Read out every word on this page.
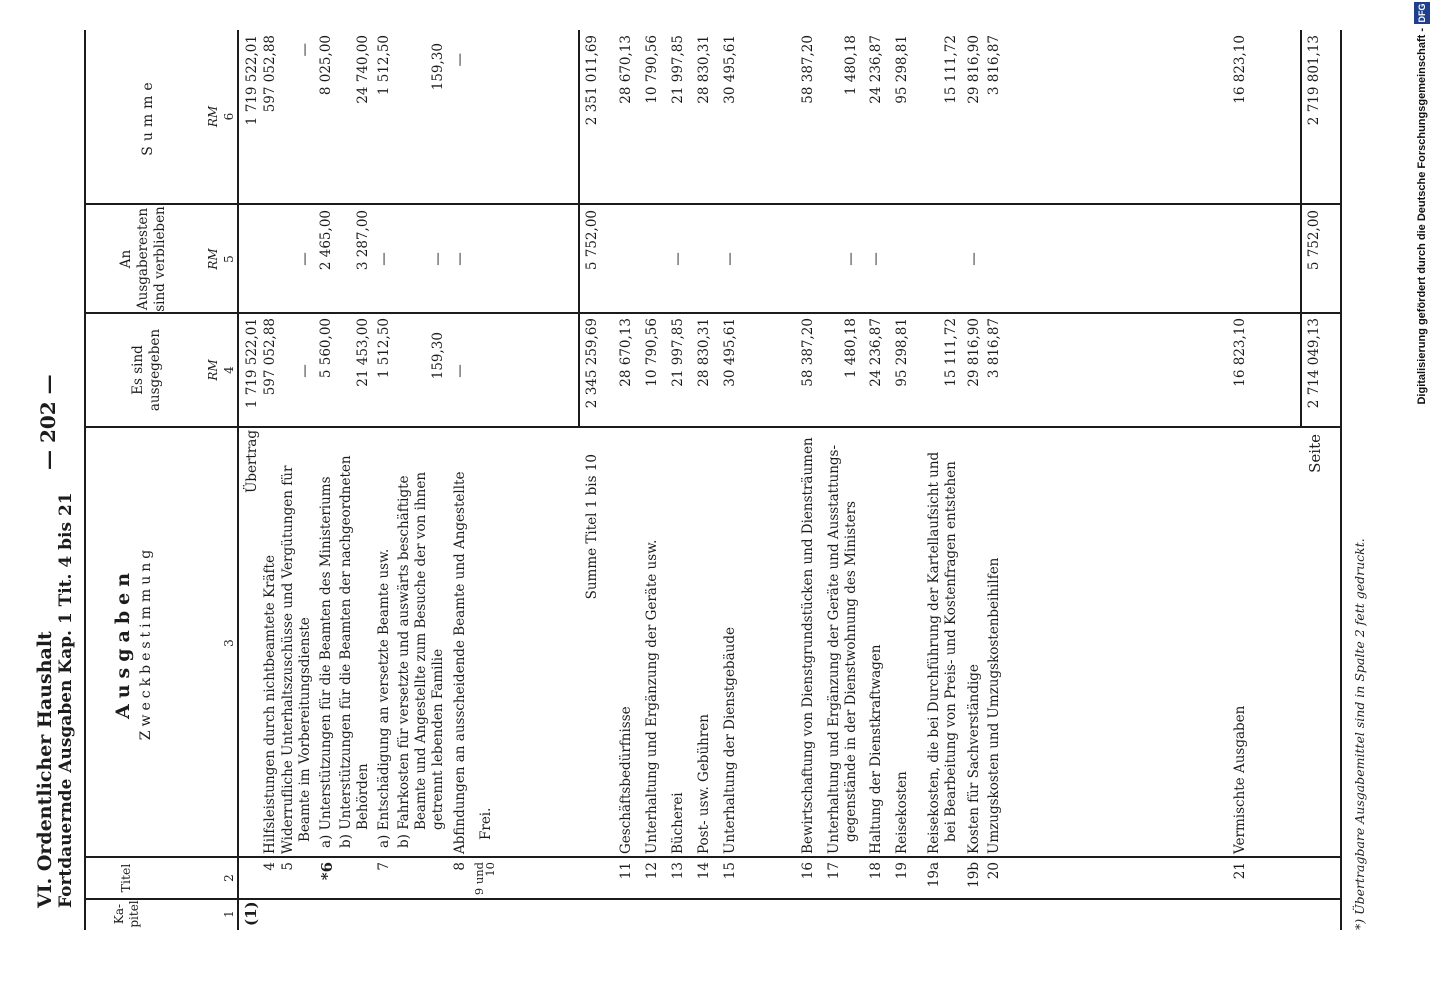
VI. Ordentlicher Haushalt Fortdauernde Ausgaben Kap. 1 Tit. 4 bis 21
— 202 —
Ka- pitel
Titel
Ausgaben Zweckbestimmung
Es sind ausgegeben
An Ausgaberesten sind verblieben
Summe
RM
RM
RM
1
2
3
4
5
6
(1)
Übertrag
1 719 522,01
1 719 522,01
4
Hilfsleistungen durch nichtbeamtete Kräfte
597 052,88
597 052,88
5
Widerrufliche Unterhaltszuschüsse und Vergütungen für Beamte im Vorbereitungsdienste
—
—
—
*6
a) Unterstützungen für die Beamten des Ministeriums
5 560,00
2 465,00
8 025,00
b) Unterstützungen für die Beamten der nachgeordneten Behörden
21 453,00
3 287,00
24 740,00
7
a) Entschädigung an versetzte Beamte usw.
1 512,50
—
1 512,50
b) Fahrkosten für versetzte und auswärts beschäftigte Beamte und Angestellte zum Besuche der von ihnen getrennt lebenden Familie
159,30
—
159,30
8
Abfindungen an ausscheidende Beamte und Angestellte
—
—
—
9 und 10
Frei.
Summe Titel 1 bis 10
2 345 259,69
5 752,00
2 351 011,69
11
Geschäftsbedürfnisse
28 670,13
28 670,13
12
Unterhaltung und Ergänzung der Geräte usw.
10 790,56
10 790,56
13
Bücherei
21 997,85
—
21 997,85
14
Post- usw. Gebühren
28 830,31
28 830,31
15
Unterhaltung der Dienstgebäude
30 495,61
—
30 495,61
16
Bewirtschaftung von Dienstgrundstücken und Diensträumen
58 387,20
58 387,20
17
Unterhaltung und Ergänzung der Geräte und Ausstattungs- gegenstände in der Dienstwohnung des Ministers
1 480,18
—
1 480,18
18
Haltung der Dienstkraftwagen
24 236,87
—
24 236,87
19
Reisekosten
95 298,81
95 298,81
19a
Reisekosten, die bei Durchführung der Kartellaufsicht und bei Bearbeitung von Preis- und Kostenfragen entstehen
15 111,72
15 111,72
19b
Kosten für Sachverständige
29 816,90
—
29 816,90
20
Umzugskosten und Umzugskostenbeihilfen
3 816,87
3 816,87
21
Vermischte Ausgaben
16 823,10
16 823,10
Seite
2 714 049,13
5 752,00
2 719 801,13
*) Übertragbare Ausgabemittel sind in Spalte 2 fett gedruckt.
Digitalisierung gefördert durch die Deutsche Forschungsgemeinschaft -
DFG
